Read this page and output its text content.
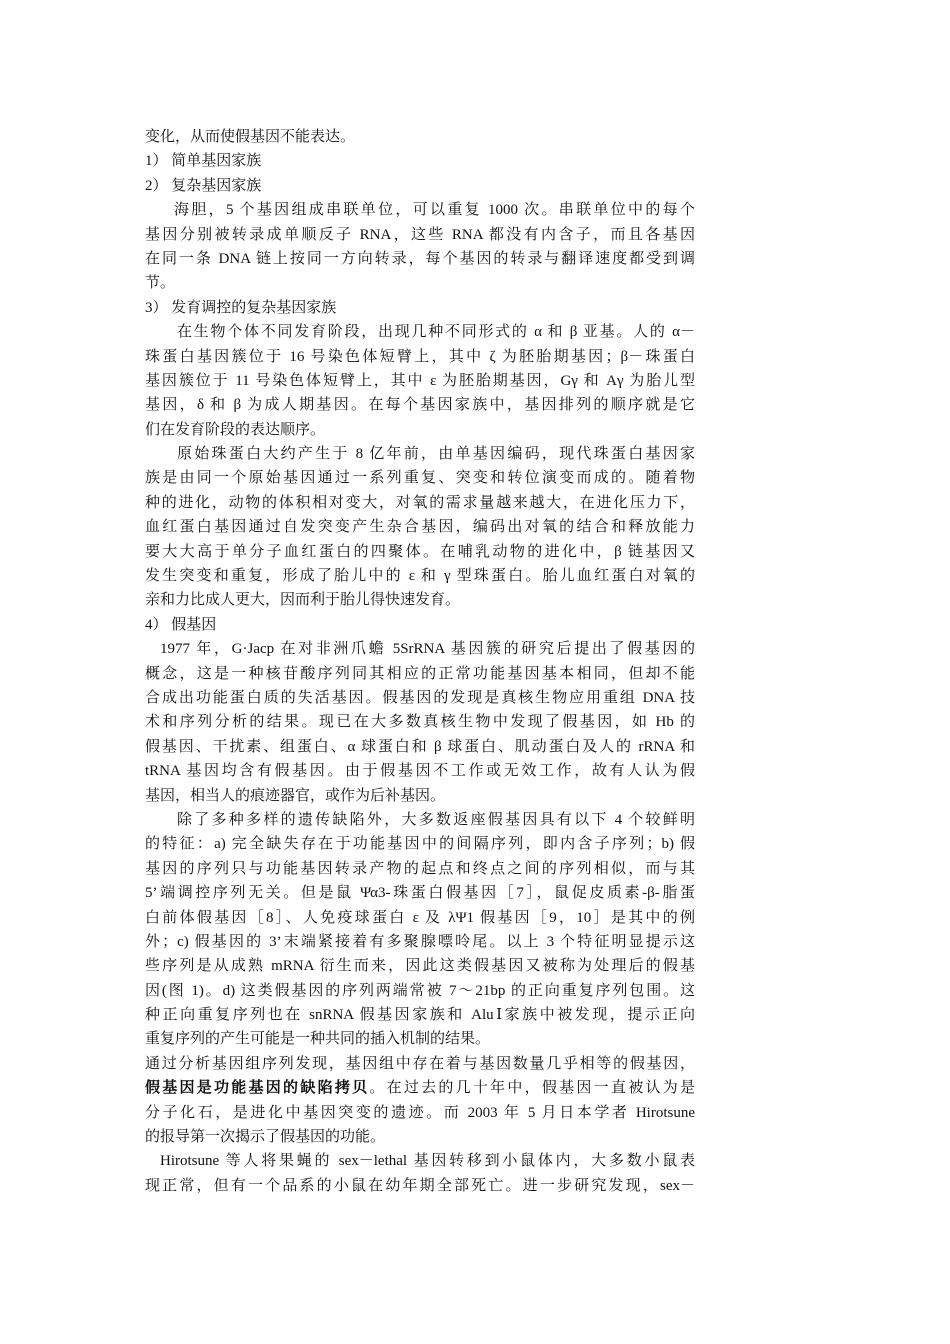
变化，从而使假基因不能表达。
1） 简单基因家族
2） 复杂基因家族
海胆，5 个基因组成串联单位，可以重复 1000 次。串联单位中的每个
基因分别被转录成单顺反子 RNA，这些 RNA 都没有内含子，而且各基因
在同一条 DNA 链上按同一方向转录，每个基因的转录与翻译速度都受到调
节。
3） 发育调控的复杂基因家族
在生物个体不同发育阶段，出现几种不同形式的 α 和 β 亚基。人的 α－
珠蛋白基因簇位于 16 号染色体短臂上，其中 ζ 为胚胎期基因；β－珠蛋白
基因簇位于 11 号染色体短臂上，其中 ε 为胚胎期基因，Gγ 和 Aγ 为胎儿型
基因，δ 和 β 为成人期基因。在每个基因家族中，基因排列的顺序就是它
们在发育阶段的表达顺序。
原始珠蛋白大约产生于 8 亿年前，由单基因编码，现代珠蛋白基因家
族是由同一个原始基因通过一系列重复、突变和转位演变而成的。随着物
种的进化，动物的体积相对变大，对氧的需求量越来越大，在进化压力下，
血红蛋白基因通过自发突变产生杂合基因，编码出对氧的结合和释放能力
要大大高于单分子血红蛋白的四聚体。在哺乳动物的进化中，β 链基因又
发生突变和重复，形成了胎儿中的 ε 和 γ 型珠蛋白。胎儿血红蛋白对氧的
亲和力比成人更大，因而利于胎儿得快速发育。
4） 假基因
1977 年，G·Jacp 在对非洲爪蟾 5SrRNA 基因簇的研究后提出了假基因的
概念，这是一种核苷酸序列同其相应的正常功能基因基本相同，但却不能
合成出功能蛋白质的失活基因。假基因的发现是真核生物应用重组 DNA 技
术和序列分析的结果。现已在大多数真核生物中发现了假基因，如 Hb 的
假基因、干扰素、组蛋白、α 球蛋白和 β 球蛋白、肌动蛋白及人的 rRNA 和
tRNA 基因均含有假基因。由于假基因不工作或无效工作，故有人认为假
基因，相当人的痕迹器官，或作为后补基因。
除了多种多样的遗传缺陷外，大多数返座假基因具有以下 4 个较鲜明
的特征：a) 完全缺失存在于功能基因中的间隔序列，即内含子序列；b) 假
基因的序列只与功能基因转录产物的起点和终点之间的序列相似，而与其
5’端调控序列无关。但是鼠 Ψα3-珠蛋白假基因［7］，鼠促皮质素-β-脂蛋
白前体假基因［8］、人免疫球蛋白 ε 及 λΨ1 假基因［9，10］是其中的例
外；c) 假基因的 3’末端紧接着有多聚腺嘌呤尾。以上 3 个特征明显提示这
些序列是从成熟 mRNA 衍生而来，因此这类假基因又被称为处理后的假基
因(图 1)。d) 这类假基因的序列两端常被 7～21bp 的正向重复序列包围。这
种正向重复序列也在 snRNA 假基因家族和 AluⅠ家族中被发现，提示正向
重复序列的产生可能是一种共同的插入机制的结果。
通过分析基因组序列发现，基因组中存在着与基因数量几乎相等的假基因，
假基因是功能基因的缺陷拷贝。在过去的几十年中，假基因一直被认为是
分子化石，是进化中基因突变的遗迹。而 2003 年 5 月日本学者 Hirotsune
的报导第一次揭示了假基因的功能。
Hirotsune 等人将果蝇的 sex－lethal 基因转移到小鼠体内，大多数小鼠表
现正常，但有一个品系的小鼠在幼年期全部死亡。进一步研究发现，sex－
